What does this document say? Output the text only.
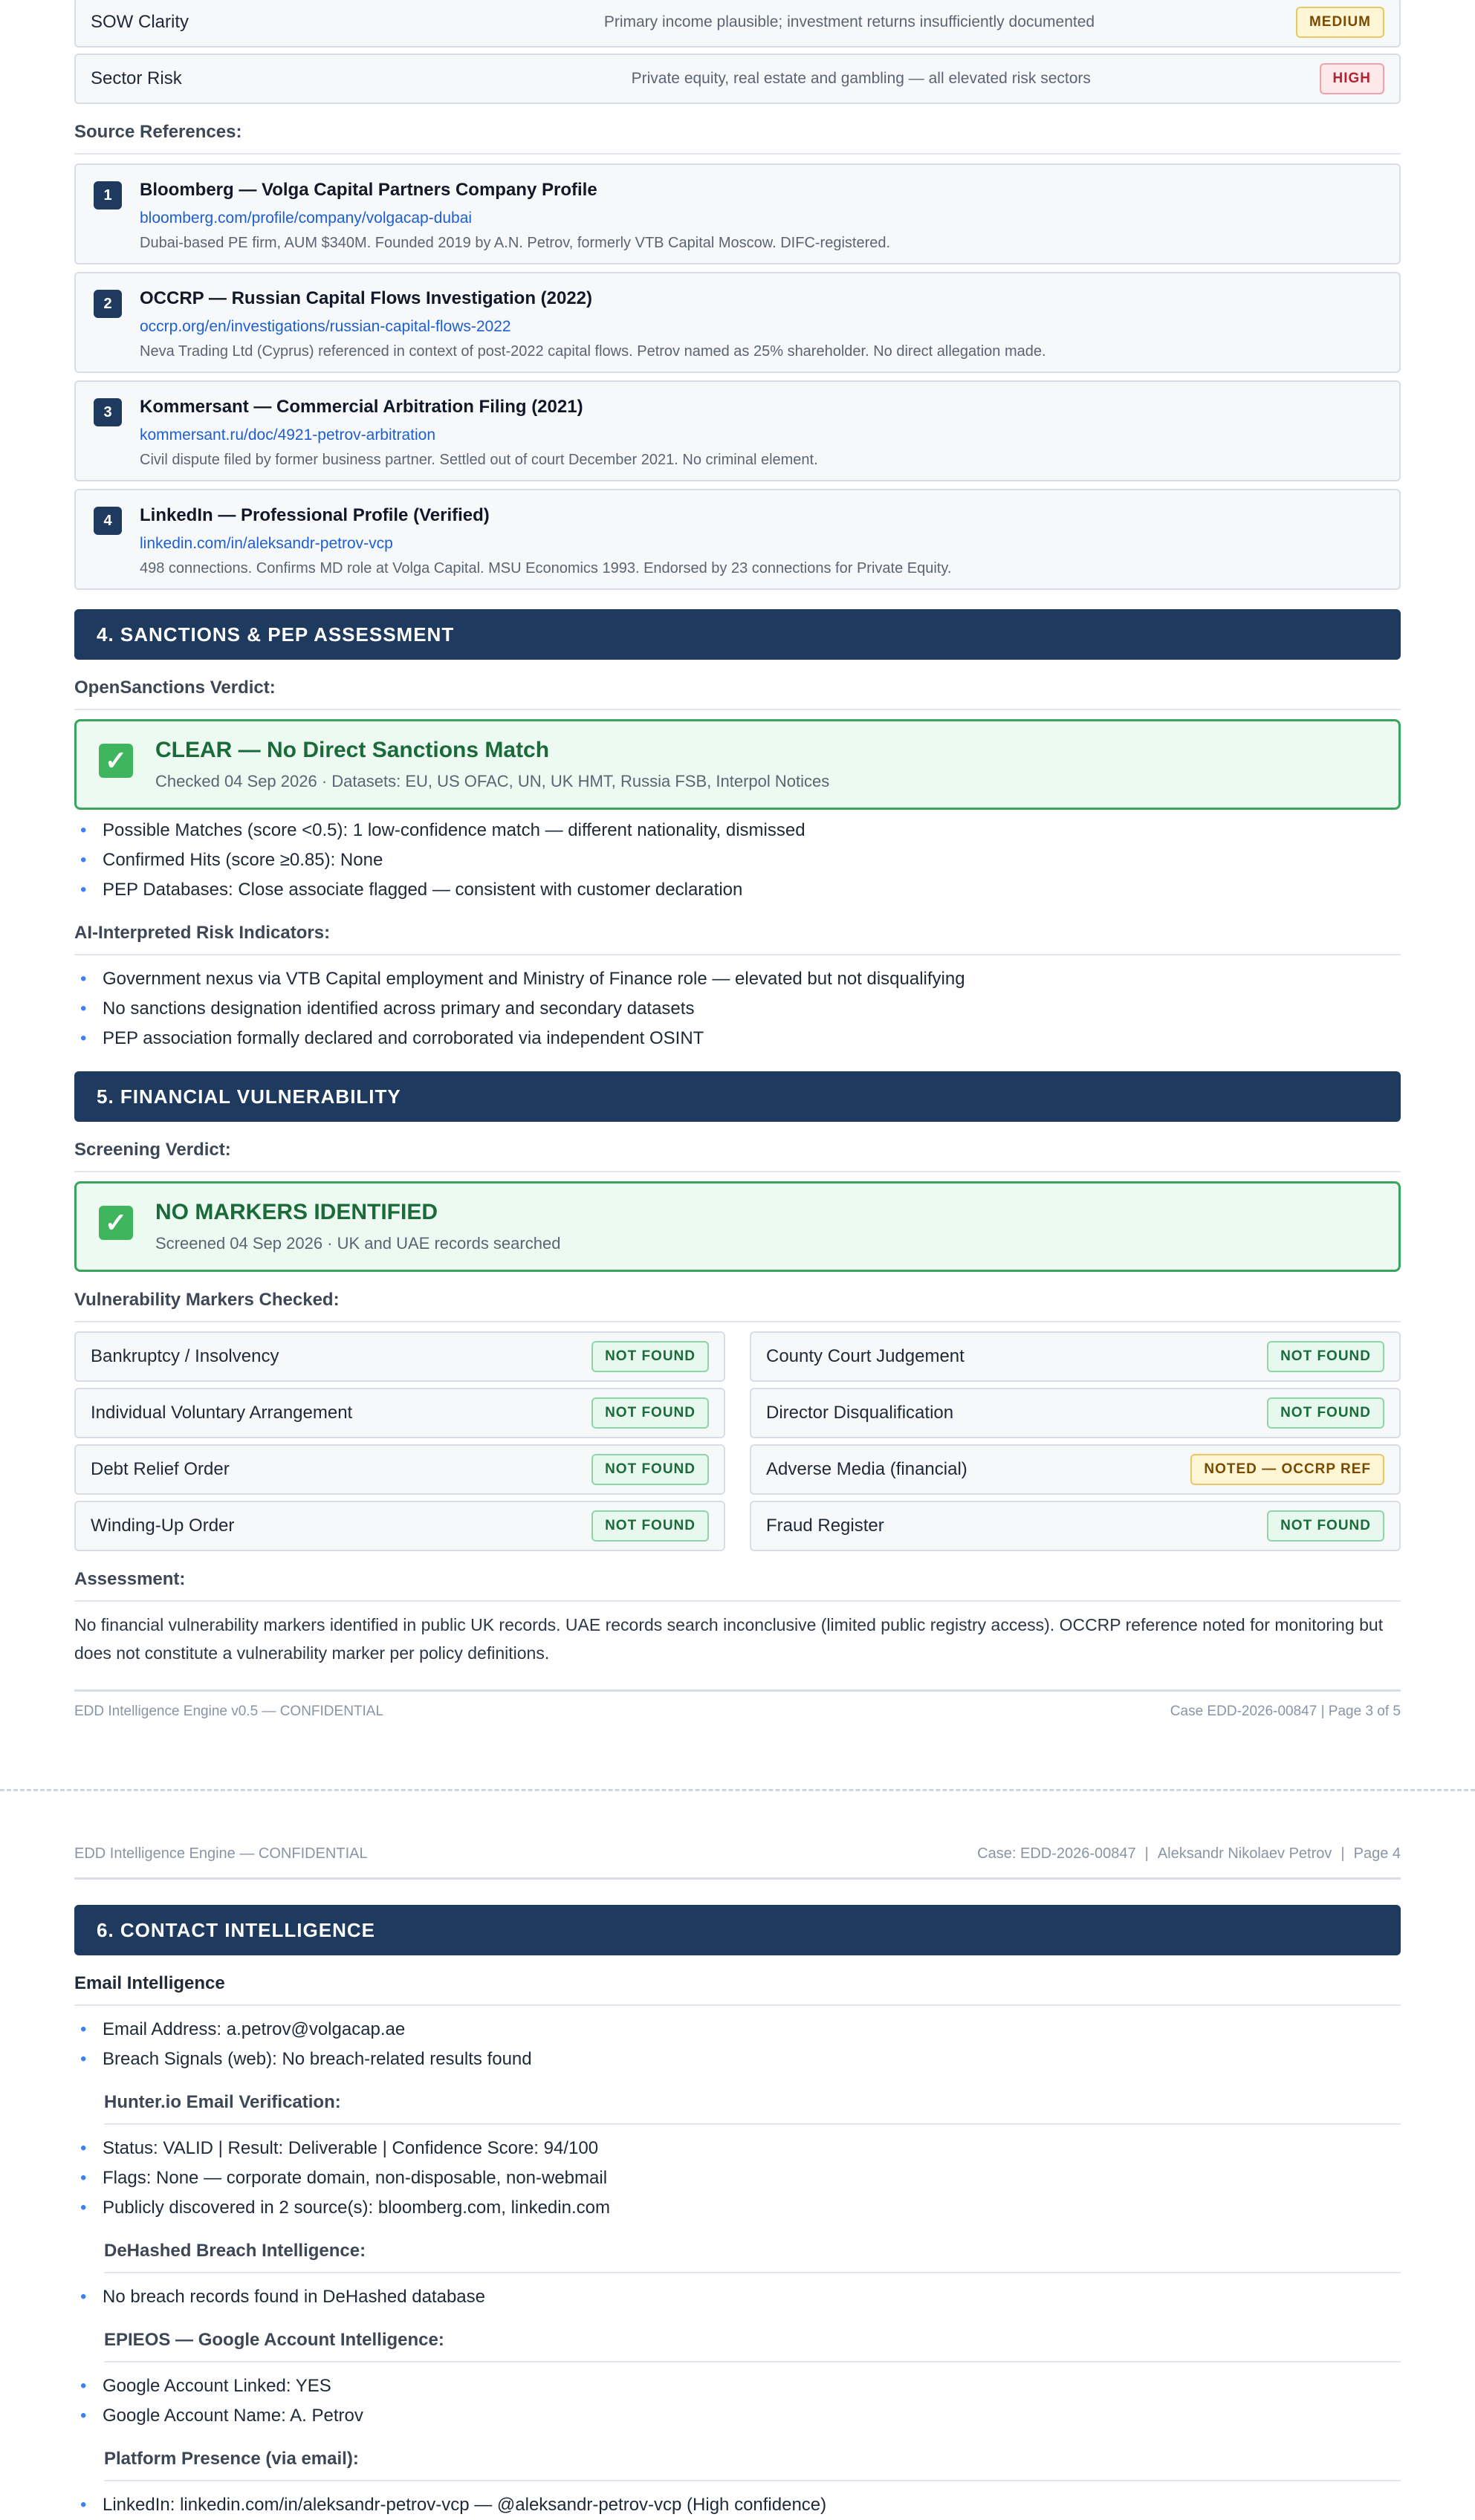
SOW Clarity	Primary income plausible; investment returns insufficiently documented	MEDIUM
Sector Risk	Private equity, real estate and gambling — all elevated risk sectors	HIGH
Source References:
1	Bloomberg — Volga Capital Partners Company Profile
bloomberg.com/profile/company/volgacap-dubai
Dubai-based PE firm, AUM $340M. Founded 2019 by A.N. Petrov, formerly VTB Capital Moscow. DIFC-registered.
2	OCCRP — Russian Capital Flows Investigation (2022)
occrp.org/en/investigations/russian-capital-flows-2022
Neva Trading Ltd (Cyprus) referenced in context of post-2022 capital flows. Petrov named as 25% shareholder. No direct allegation made.
3	Kommersant — Commercial Arbitration Filing (2021)
kommersant.ru/doc/4921-petrov-arbitration
Civil dispute filed by former business partner. Settled out of court December 2021. No criminal element.
4	LinkedIn — Professional Profile (Verified)
linkedin.com/in/aleksandr-petrov-vcp
498 connections. Confirms MD role at Volga Capital. MSU Economics 1993. Endorsed by 23 connections for Private Equity.
4. SANCTIONS & PEP ASSESSMENT
OpenSanctions Verdict:
✓ CLEAR — No Direct Sanctions Match
Checked 04 Sep 2026 · Datasets: EU, US OFAC, UN, UK HMT, Russia FSB, Interpol Notices
• Possible Matches (score <0.5): 1 low-confidence match — different nationality, dismissed
• Confirmed Hits (score ≥0.85): None
• PEP Databases: Close associate flagged — consistent with customer declaration
AI-Interpreted Risk Indicators:
• Government nexus via VTB Capital employment and Ministry of Finance role — elevated but not disqualifying
• No sanctions designation identified across primary and secondary datasets
• PEP association formally declared and corroborated via independent OSINT
5. FINANCIAL VULNERABILITY
Screening Verdict:
✓ NO MARKERS IDENTIFIED
Screened 04 Sep 2026 · UK and UAE records searched
Vulnerability Markers Checked:
Bankruptcy / Insolvency	NOT FOUND	County Court Judgement	NOT FOUND
Individual Voluntary Arrangement	NOT FOUND	Director Disqualification	NOT FOUND
Debt Relief Order	NOT FOUND	Adverse Media (financial)	NOTED — OCCRP REF
Winding-Up Order	NOT FOUND	Fraud Register	NOT FOUND
Assessment:
No financial vulnerability markers identified in public UK records. UAE records search inconclusive (limited public registry access). OCCRP reference noted for monitoring but does not constitute a vulnerability marker per policy definitions.
EDD Intelligence Engine v0.5 — CONFIDENTIAL	Case EDD-2026-00847 | Page 3 of 5
EDD Intelligence Engine — CONFIDENTIAL	Case: EDD-2026-00847 | Aleksandr Nikolaev Petrov | Page 4
6. CONTACT INTELLIGENCE
Email Intelligence
• Email Address: a.petrov@volgacap.ae
• Breach Signals (web): No breach-related results found
Hunter.io Email Verification:
• Status: VALID | Result: Deliverable | Confidence Score: 94/100
• Flags: None — corporate domain, non-disposable, non-webmail
• Publicly discovered in 2 source(s): bloomberg.com, linkedin.com
DeHashed Breach Intelligence:
• No breach records found in DeHashed database
EPIEOS — Google Account Intelligence:
• Google Account Linked: YES
• Google Account Name: A. Petrov
Platform Presence (via email):
• LinkedIn: linkedin.com/in/aleksandr-petrov-vcp — @aleksandr-petrov-vcp (High confidence)
